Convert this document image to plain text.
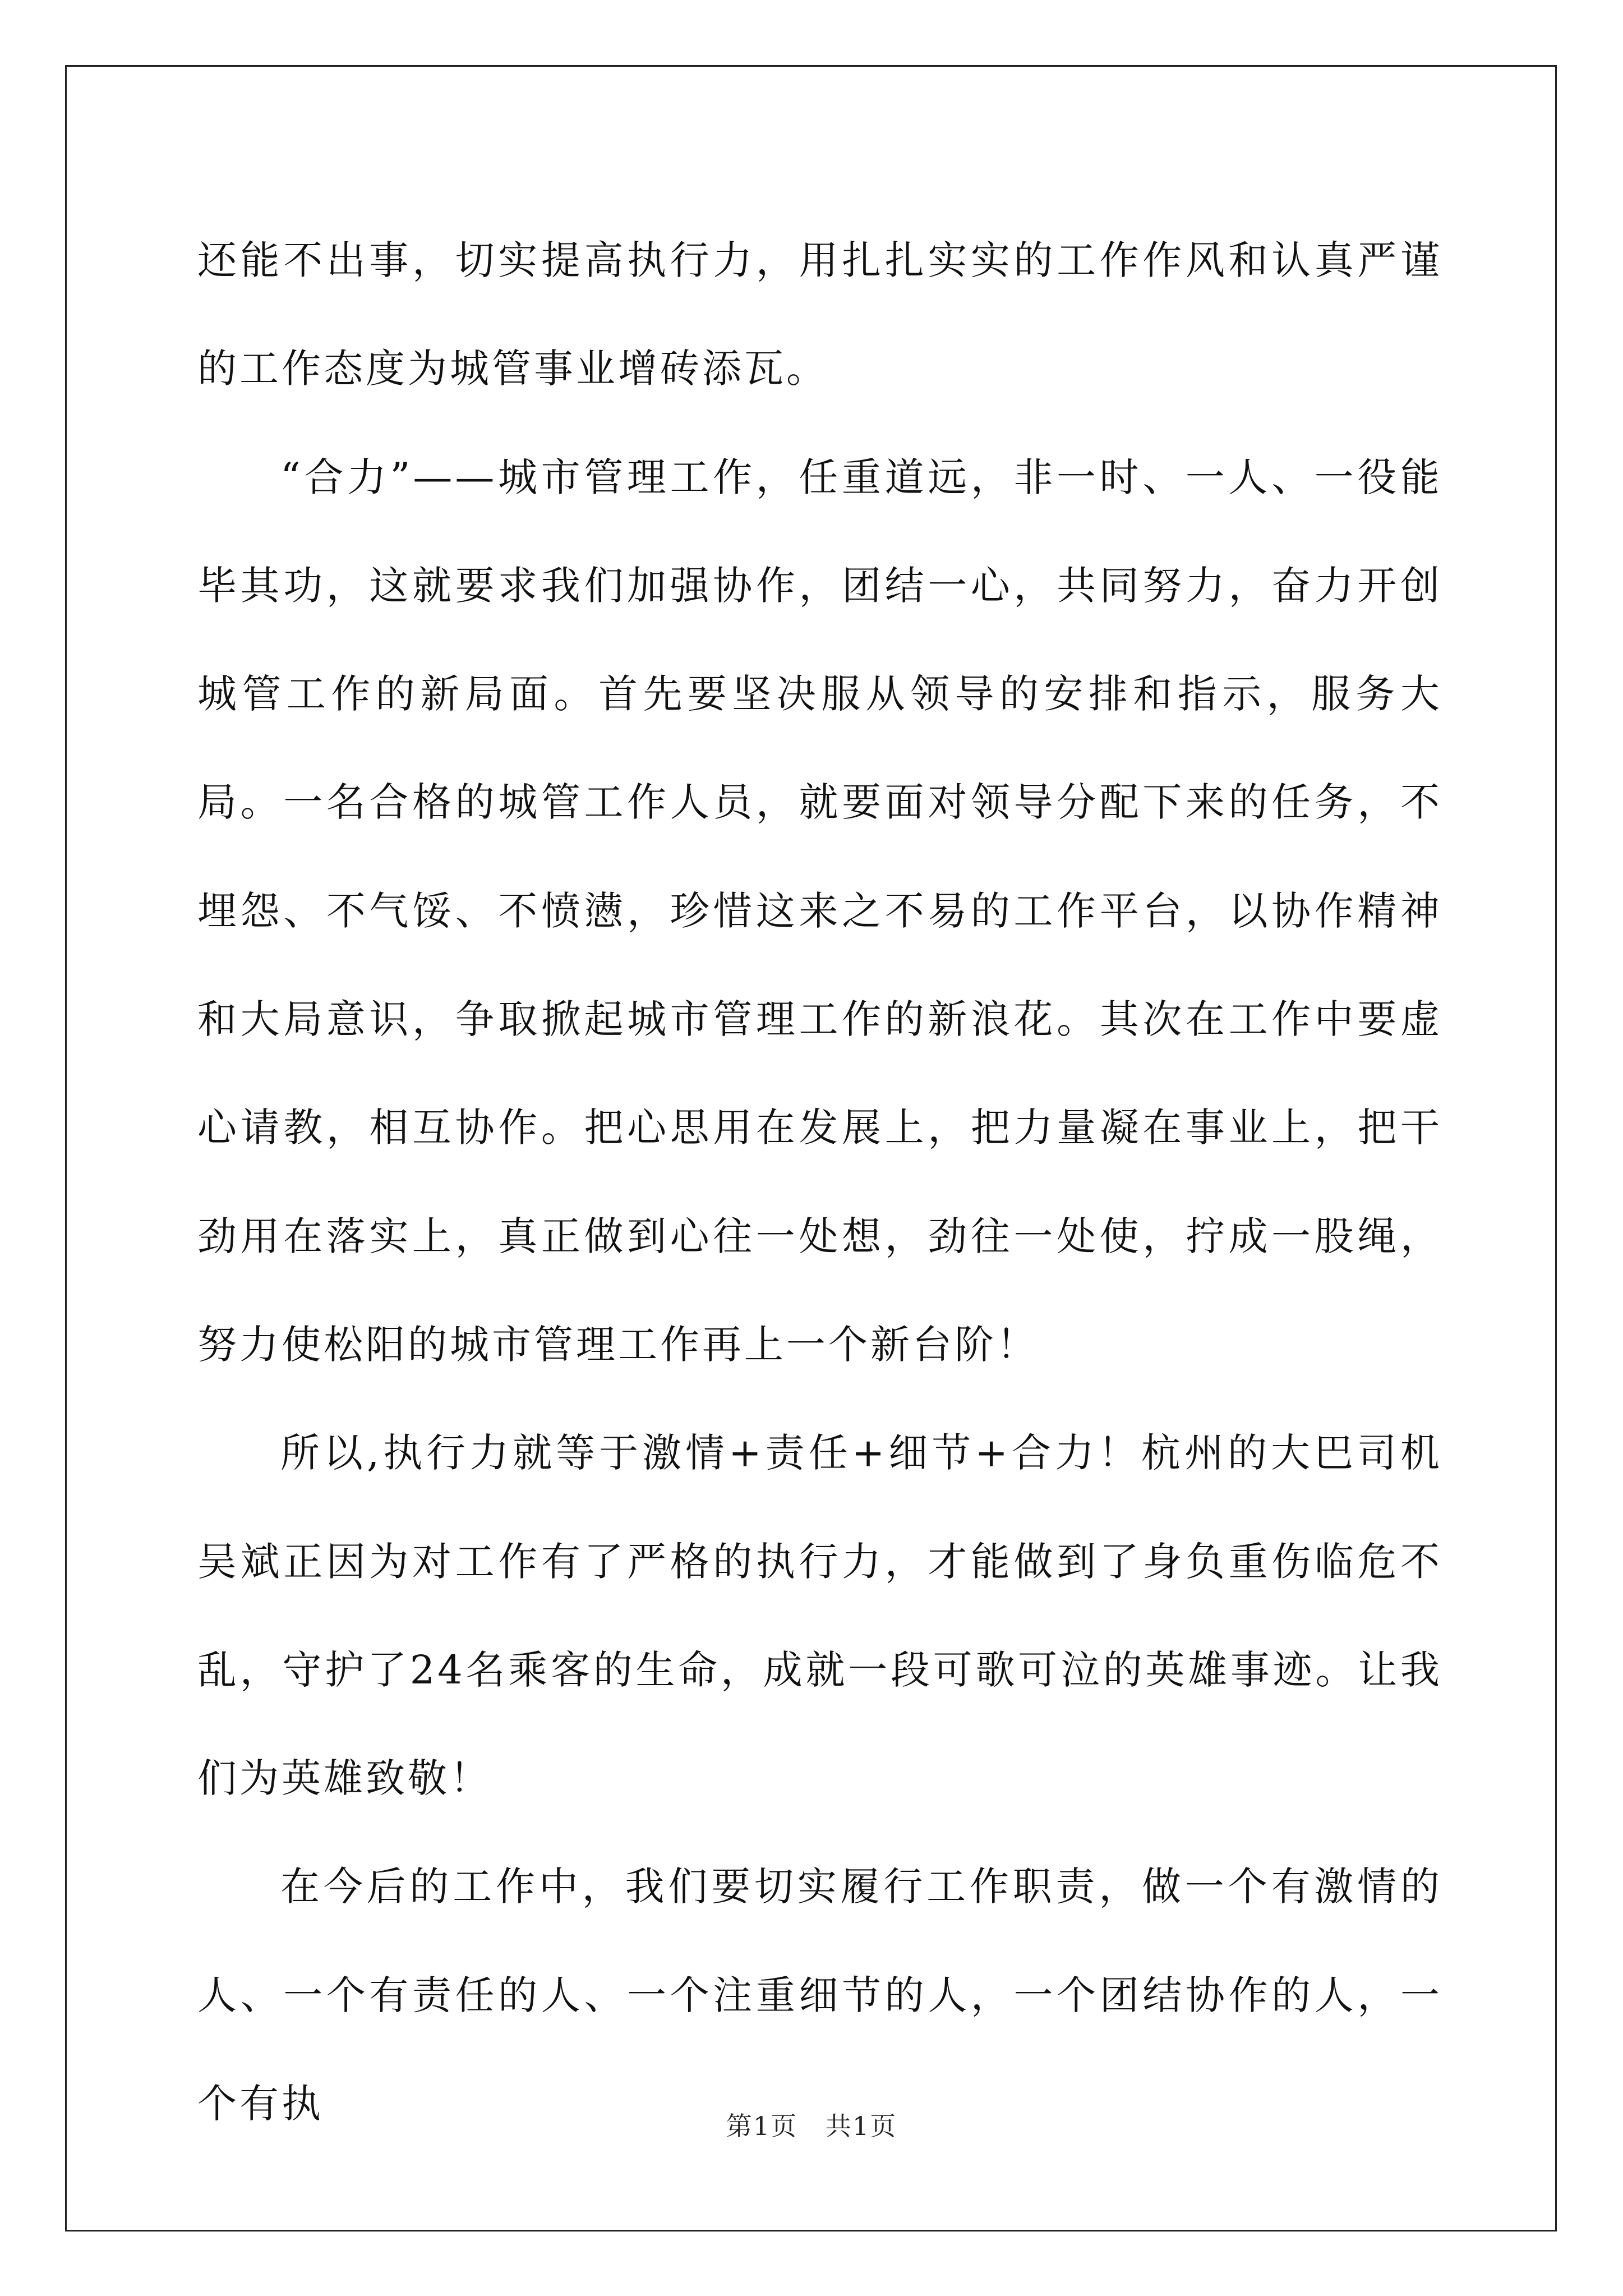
还能不出事，切实提高执行力，用扎扎实实的工作作风和认真严谨的工作态度为城管事业增砖添瓦。

“合力”——城市管理工作，任重道远，非一时、一人、一役能毕其功，这就要求我们加强协作，团结一心，共同努力，奋力开创城管工作的新局面。首先要坚决服从领导的安排和指示，服务大局。一名合格的城管工作人员，就要面对领导分配下来的任务，不埋怨、不气馁、不愤懑，珍惜这来之不易的工作平台，以协作精神和大局意识，争取掀起城市管理工作的新浪花。其次在工作中要虚心请教，相互协作。把心思用在发展上，把力量凝在事业上，把干劲用在落实上，真正做到心往一处想，劲往一处使，拧成一股绳，努力使松阳的城市管理工作再上一个新台阶！

所以,执行力就等于激情+责任+细节+合力！杭州的大巴司机吴斌正因为对工作有了严格的执行力，才能做到了身负重伤临危不乱，守护了24名乘客的生命，成就一段可歌可泣的英雄事迹。让我们为英雄致敬！

在今后的工作中，我们要切实履行工作职责，做一个有激情的人、一个有责任的人、一个注重细节的人，一个团结协作的人，一个有执	第1页   共1页
